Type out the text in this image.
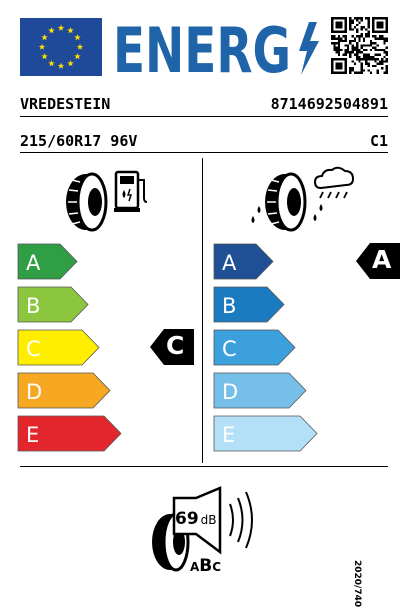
ENERG
VREDESTEIN	8714692504891
215/60R17 96V	C1
A
B
C
D
E
A
B
C
D
E
C
A
69 dB
ABC	2020/740
